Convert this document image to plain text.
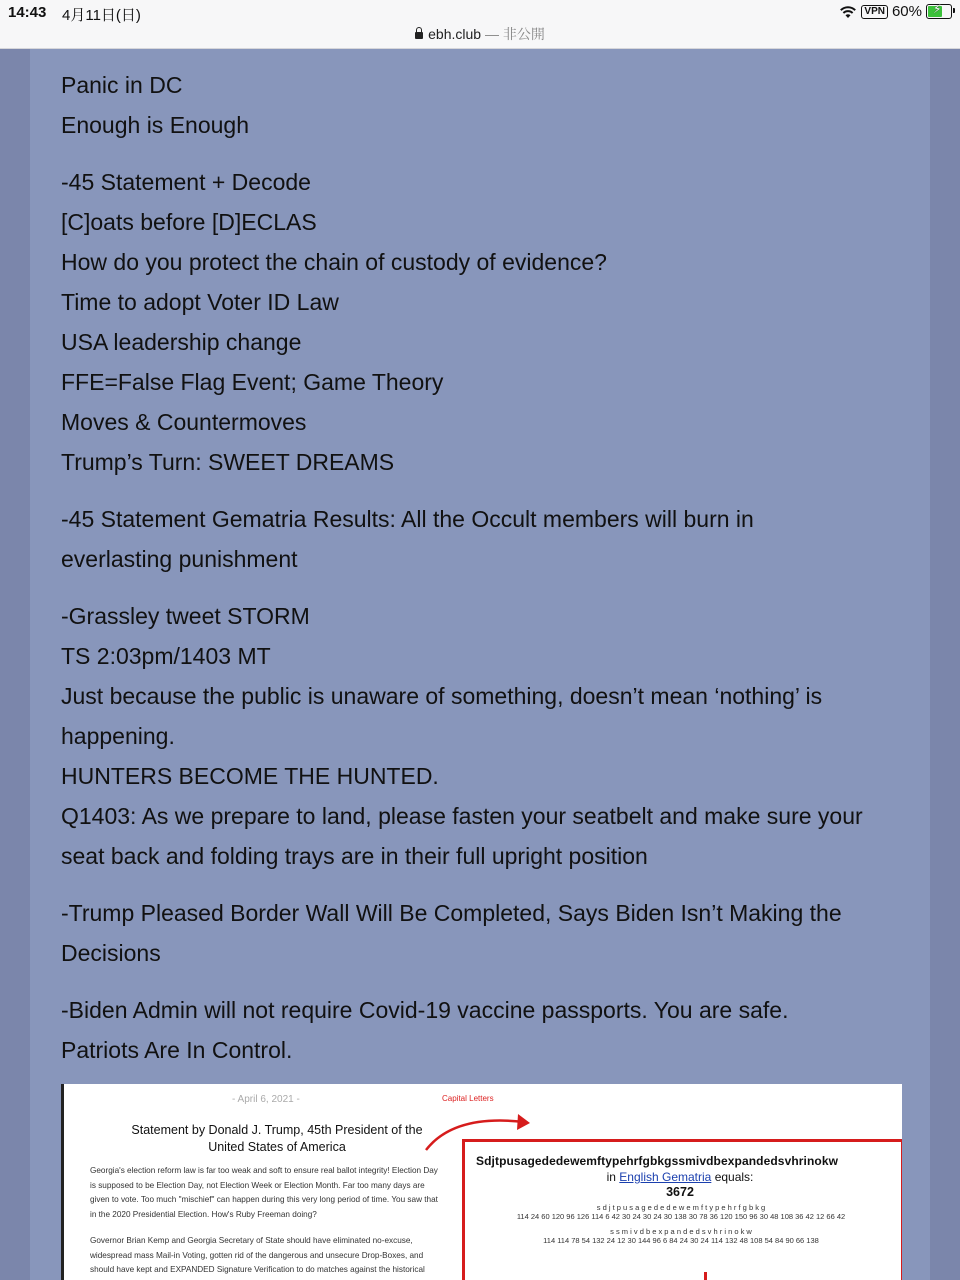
14:43 4月11日(日)	VPN 60% ⚡
ebh.club — 非公開
Panic in DC
Enough is Enough
-45 Statement + Decode
[C]oats before [D]ECLAS
How do you protect the chain of custody of evidence?
Time to adopt Voter ID Law
USA leadership change
FFE=False Flag Event; Game Theory
Moves & Countermoves
Trump’s Turn: SWEET DREAMS
-45 Statement Gematria Results: All the Occult members will burn in
everlasting punishment
-Grassley tweet STORM
TS 2:03pm/1403 MT
Just because the public is unaware of something, doesn’t mean ‘nothing’ is
happening.
HUNTERS BECOME THE HUNTED.
Q1403: As we prepare to land, please fasten your seatbelt and make sure your
seat back and folding trays are in their full upright position
-Trump Pleased Border Wall Will Be Completed, Says Biden Isn’t Making the
Decisions
-Biden Admin will not require Covid-19 vaccine passports. You are safe.
Patriots Are In Control.
- April 6, 2021 -	Capital Letters
Statement by Donald J. Trump, 45th President of the United States of America

Georgia's election reform law is far too weak and soft to ensure real ballot integrity! Election Day is supposed to be Election Day, not Election Week or Election Month. Far too many days are given to vote. Too much "mischief" can happen during this very long period of time. You saw that in the 2020 Presidential Election. How's Ruby Freeman doing?

Governor Brian Kemp and Georgia Secretary of State should have eliminated no-excuse, widespread mass Mail-in Voting, gotten rid of the dangerous and unsecure Drop-Boxes, and should have kept and EXPANDED Signature Verification to do matches against the historical

Sdjtpusagededewemftypehrfgbkgssmivdbexpandedsvhrinokw
in English Gematria equals:
3672
s d j t p u s a g e d e d e w e m f t y p e h r f g b k g
114 24 60 120 96 126 114 6 42 30 24 30 24 30 138 30 78 36 120 150 96 30 48 108 36 42 12 66 42
s s m i v d b e x p a n d e d s v h r i n o k w
114 114 78 54 132 24 12 30 144 96 6 84 24 30 24 114 132 48 108 54 84 90 66 138
